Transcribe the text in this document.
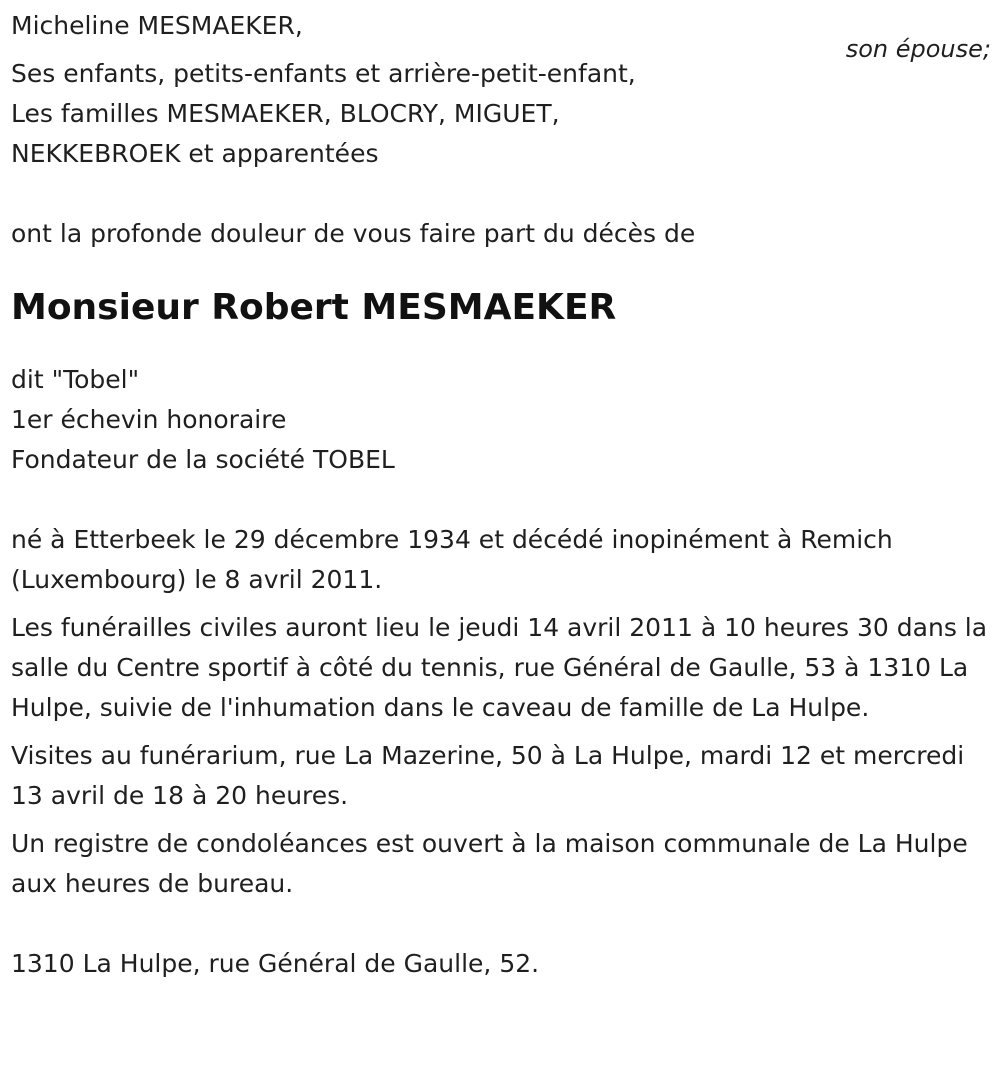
Micheline MESMAEKER,
son épouse;
Ses enfants, petits-enfants et arrière-petit-enfant,
Les familles MESMAEKER, BLOCRY, MIGUET,
NEKKEBROEK et apparentées
ont la profonde douleur de vous faire part du décès de
Monsieur Robert MESMAEKER
dit "Tobel"
1er échevin honoraire
Fondateur de la société TOBEL
né à Etterbeek le 29 décembre 1934 et décédé inopinément à Remich (Luxembourg) le 8 avril 2011.
Les funérailles civiles auront lieu le jeudi 14 avril 2011 à 10 heures 30 dans la salle du Centre sportif à côté du tennis, rue Général de Gaulle, 53 à 1310 La Hulpe, suivie de l'inhumation dans le caveau de famille de La Hulpe.
Visites au funérarium, rue La Mazerine, 50 à La Hulpe, mardi 12 et mercredi 13 avril de 18 à 20 heures.
Un registre de condoléances est ouvert à la maison communale de La Hulpe aux heures de bureau.
1310 La Hulpe, rue Général de Gaulle, 52.
